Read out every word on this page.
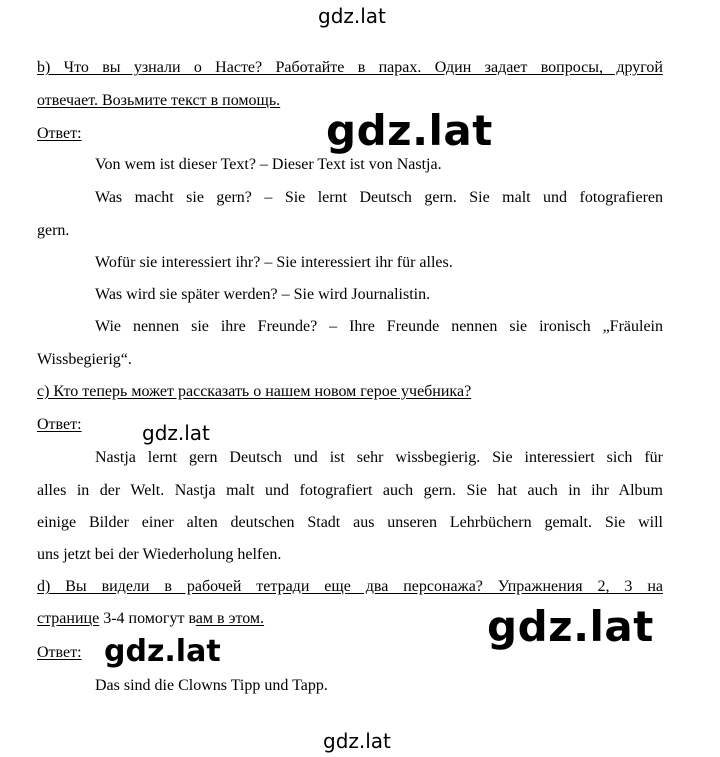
gdz.lat
gdz.lat
gdz.lat
gdz.lat
gdz.lat
gdz.lat
b) Что вы узнали о Насте? Работайте в парах. Один задает вопросы, другой
отвечает. Возьмите текст в помощь.
Ответ:
Von wem ist dieser Text? – Dieser Text ist von Nastja.
Was macht sie gern? – Sie lernt Deutsch gern. Sie malt und fotografieren
gern.
Wofür sie interessiert ihr? – Sie interessiert ihr für alles.
Was wird sie später werden? – Sie wird Journalistin.
Wie nennen sie ihre Freunde? – Ihre Freunde nennen sie ironisch „Fräulein
Wissbegierig“.
c) Кто теперь может рассказать о нашем новом герое учебника?
Ответ:
Nastja lernt gern Deutsch und ist sehr wissbegierig. Sie interessiert sich für
alles in der Welt. Nastja malt und fotografiert auch gern. Sie hat auch in ihr Album
einige Bilder einer alten deutschen Stadt aus unseren Lehrbüchern gemalt. Sie will
uns jetzt bei der Wiederholung helfen.
d) Вы видели в рабочей тетради еще два персонажа? Упражнения 2, 3 на
странице 3-4 помогут вам в этом.
Ответ:
Das sind die Clowns Tipp und Tapp.
